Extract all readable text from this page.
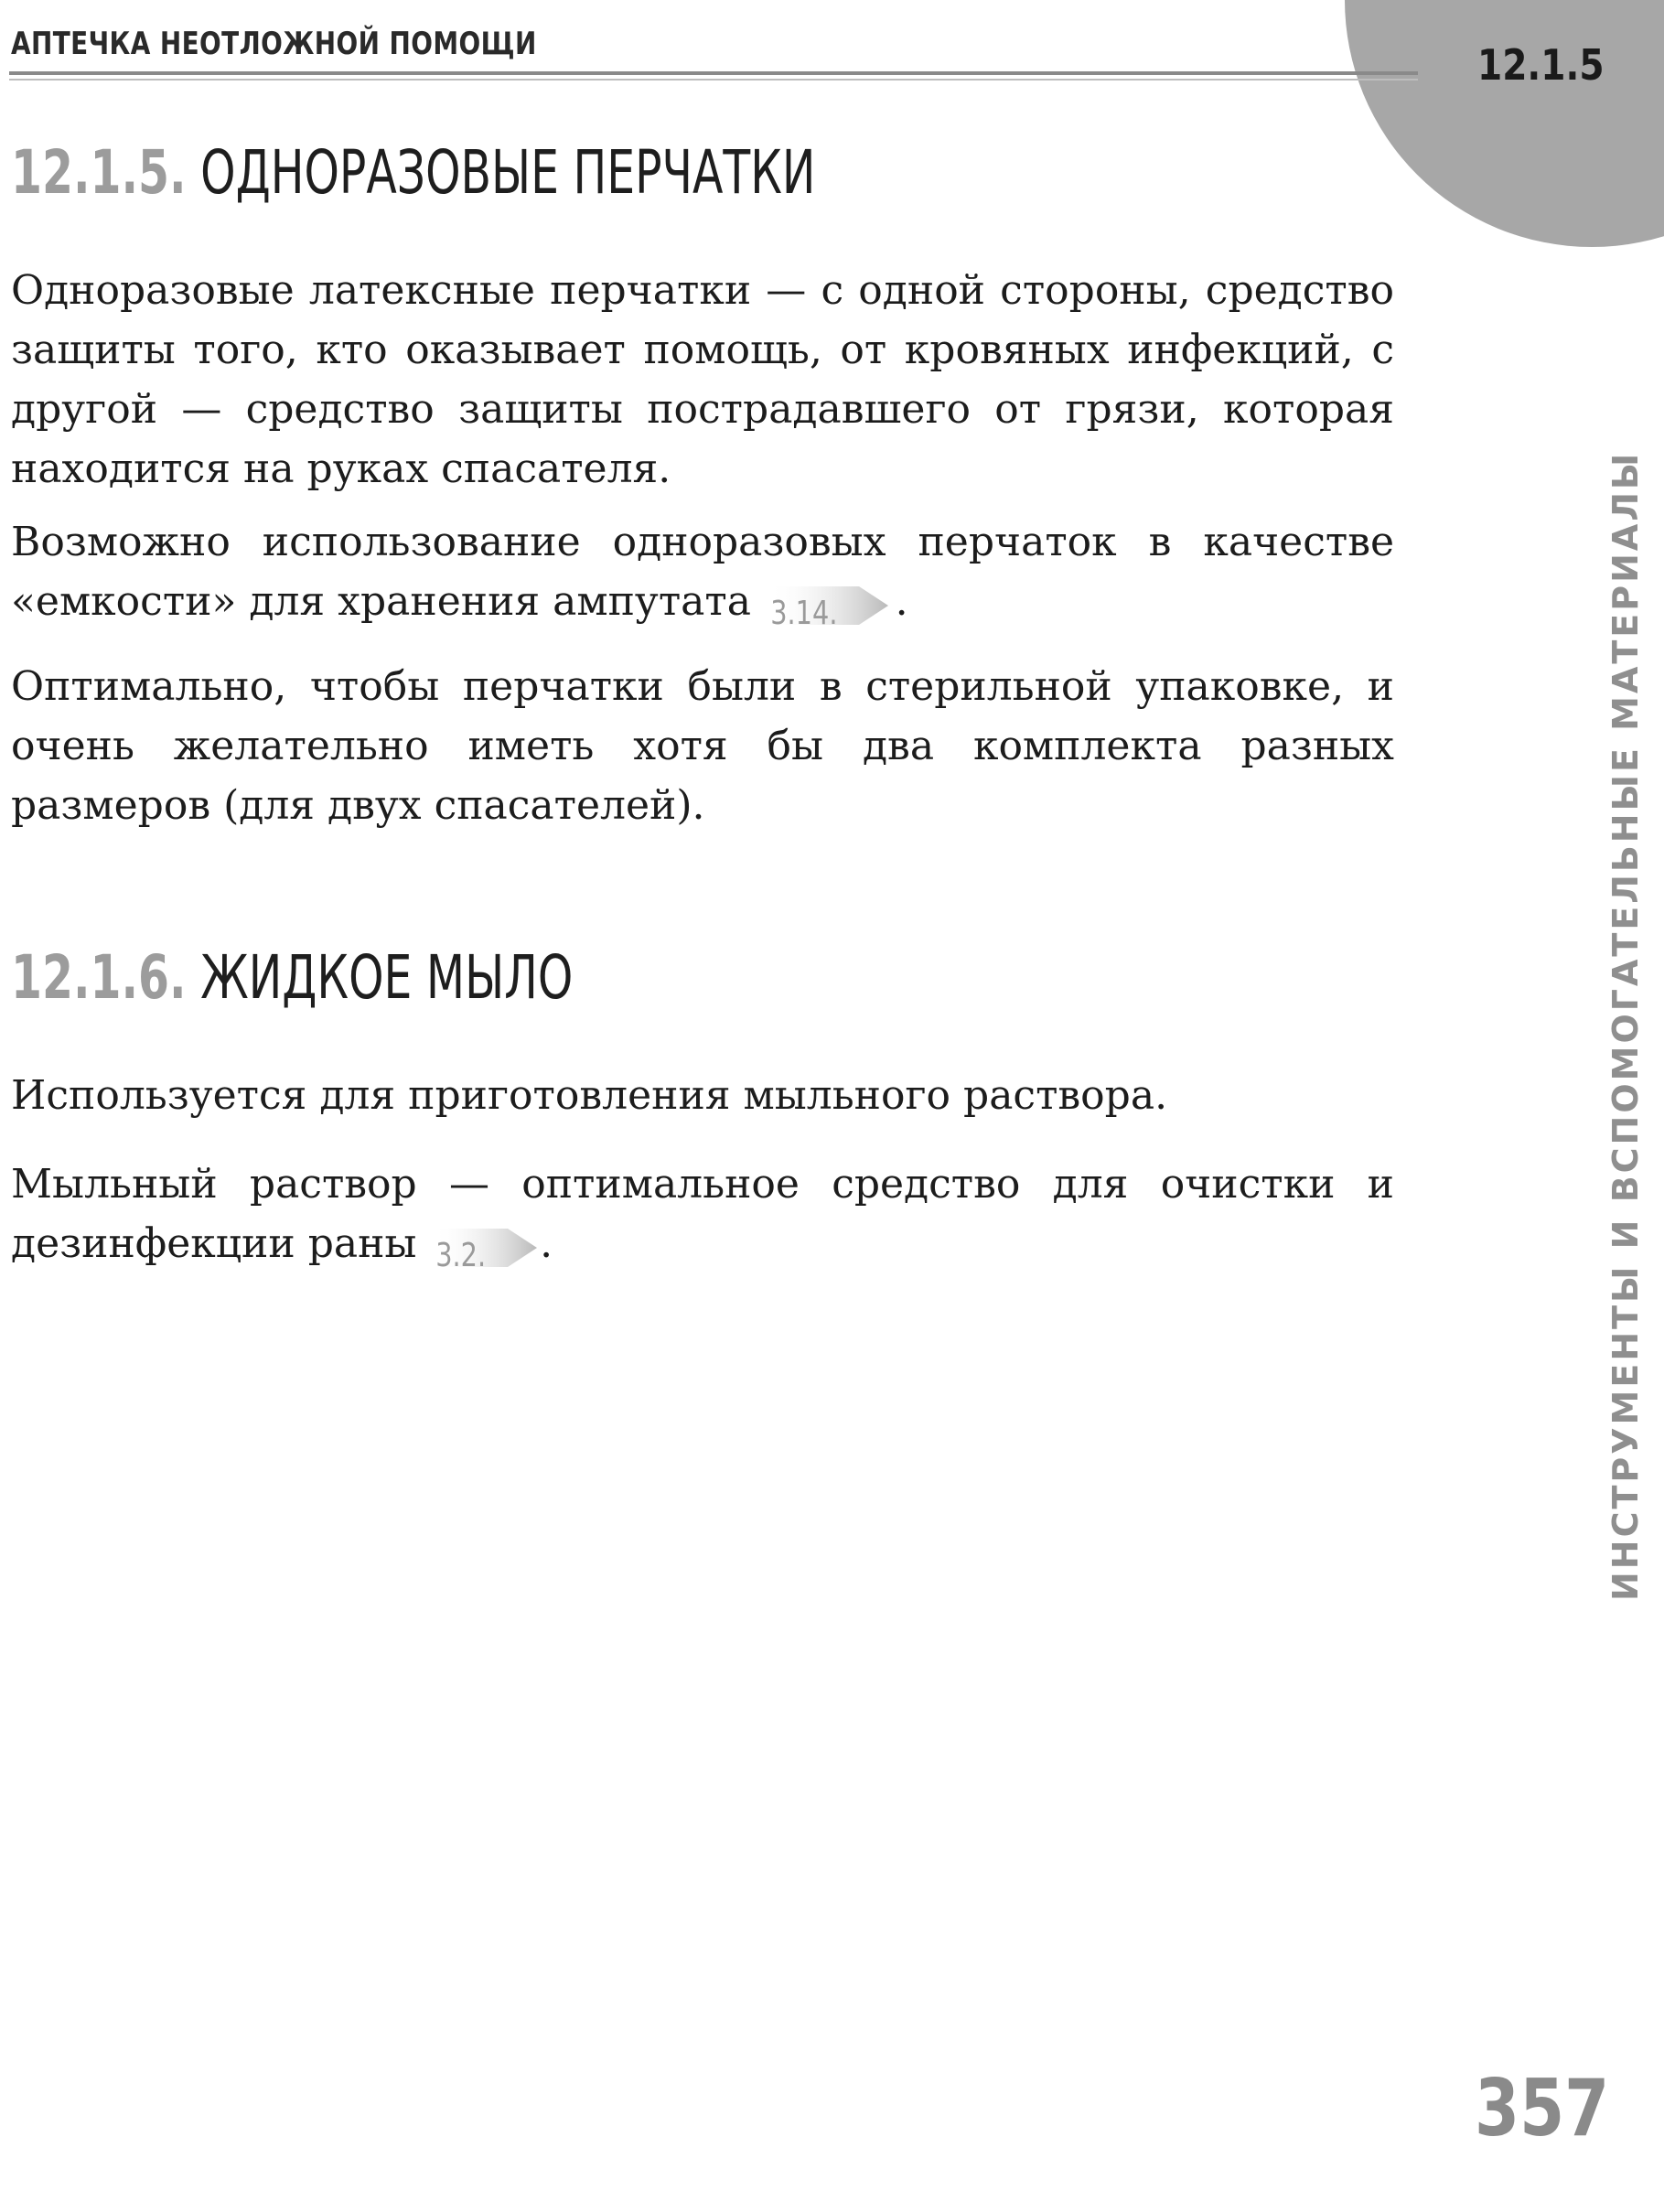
12.1.5
АПТЕЧКА НЕОТЛОЖНОЙ ПОМОЩИ
12.1.5. ОДНОРАЗОВЫЕ ПЕРЧАТКИ

Одноразовые латексные перчатки — с одной стороны, средство защиты того, кто оказывает помощь, от кровяных инфекций, с другой — средство защиты пострадавшего от грязи, которая находится на руках спасателя.

Возможно использование одноразовых перчаток в качестве «емкости» для хранения ампутата 3.14. .

Оптимально, чтобы перчатки были в стерильной упаковке, и очень желательно иметь хотя бы два комплекта разных размеров (для двух спасателей).

12.1.6. ЖИДКОЕ МЫЛО

Используется для приготовления мыльного раствора.

Мыльный раствор — оптимальное средство для очистки и дезинфекции раны 3.2. .	ИНСТРУМЕНТЫ И ВСПОМОГАТЕЛЬНЫЕ МАТЕРИАЛЫ
357
